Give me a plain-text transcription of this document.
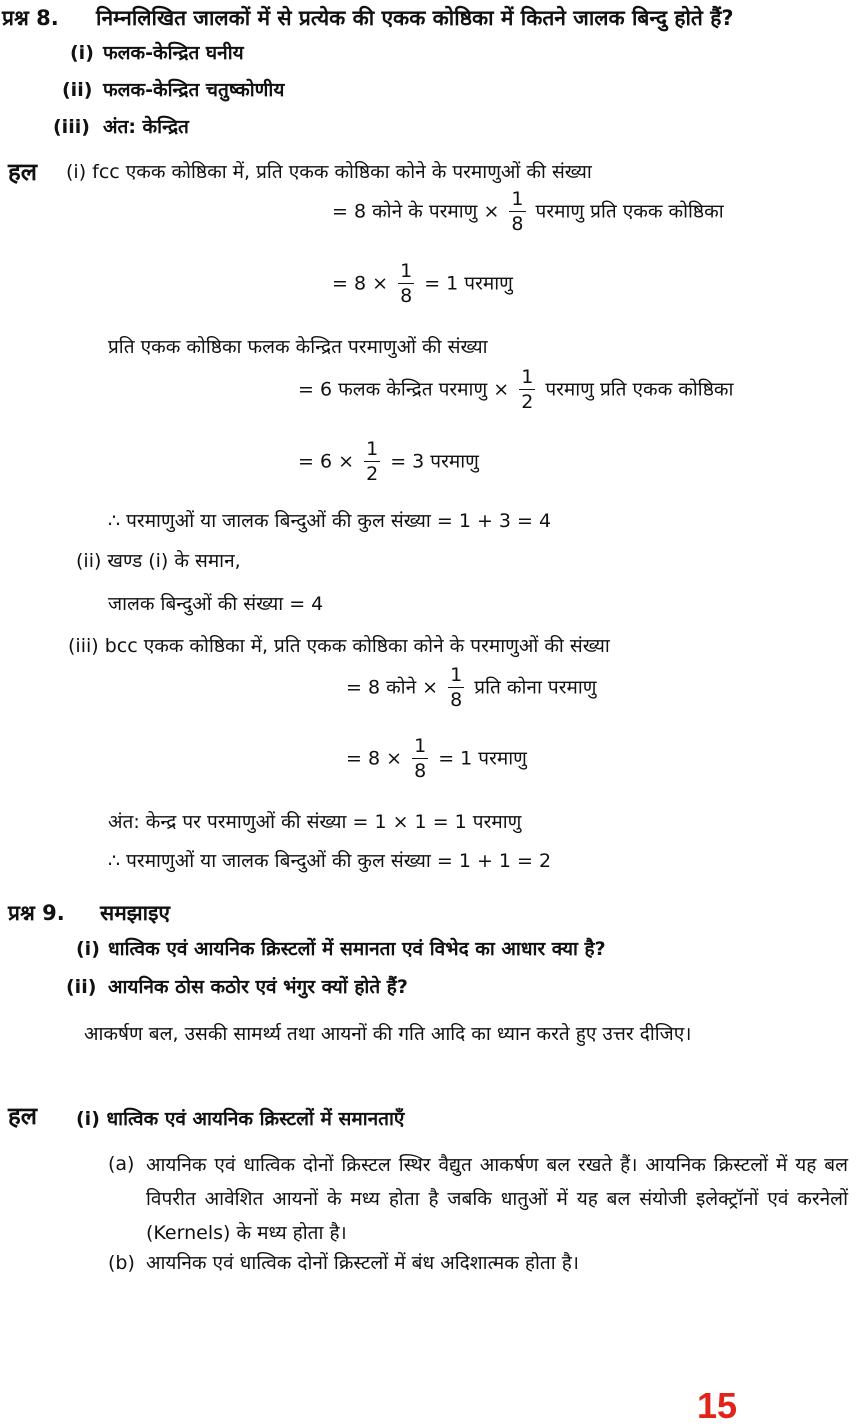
प्रश्न 8. निम्नलिखित जालकों में से प्रत्येक की एकक कोष्ठिका में कितने जालक बिन्दु होते हैं?
(i) फलक-केन्द्रित घनीय
(ii) फलक-केन्द्रित चतुष्कोणीय
(iii) अंत: केन्द्रित
हल (i) fcc एकक कोष्ठिका में, प्रति एकक कोष्ठिका कोने के परमाणुओं की संख्या
= 8 कोने के परमाणु × $\frac{1}{8}$ परमाणु प्रति एकक कोष्ठिका
= $8 \times \frac{1}{8} = 1$ परमाणु
प्रति एकक कोष्ठिका फलक केन्द्रित परमाणुओं की संख्या
= 6 फलक केन्द्रित परमाणु × $\frac{1}{2}$ परमाणु प्रति एकक कोष्ठिका
= $6 \times \frac{1}{2} = 3$ परमाणु
∴ परमाणुओं या जालक बिन्दुओं की कुल संख्या = 1 + 3 = 4
(ii) खण्ड (i) के समान,
जालक बिन्दुओं की संख्या = 4
(iii) bcc एकक कोष्ठिका में, प्रति एकक कोष्ठिका कोने के परमाणुओं की संख्या
= 8 कोने × $\frac{1}{8}$ प्रति कोना परमाणु
= $8 \times \frac{1}{8} = 1$ परमाणु
अंत: केन्द्र पर परमाणुओं की संख्या = 1 × 1 = 1 परमाणु
∴ परमाणुओं या जालक बिन्दुओं की कुल संख्या = 1 + 1 = 2
प्रश्न 9. समझाइए
(i) धात्विक एवं आयनिक क्रिस्टलों में समानता एवं विभेद का आधार क्या है?
(ii) आयनिक ठोस कठोर एवं भंगुर क्यों होते हैं?
आकर्षण बल, उसकी सामर्थ्य तथा आयनों की गति आदि का ध्यान करते हुए उत्तर दीजिए।
हल (i) धात्विक एवं आयनिक क्रिस्टलों में समानताएँ
(a) आयनिक एवं धात्विक दोनों क्रिस्टल स्थिर वैद्युत आकर्षण बल रखते हैं। आयनिक क्रिस्टलों में यह बल विपरीत आवेशित आयनों के मध्य होता है जबकि धातुओं में यह बल संयोजी इलेक्ट्रॉनों एवं करनेलों (Kernels) के मध्य होता है।
(b) आयनिक एवं धात्विक दोनों क्रिस्टलों में बंध अदिशात्मक होता है।
15
